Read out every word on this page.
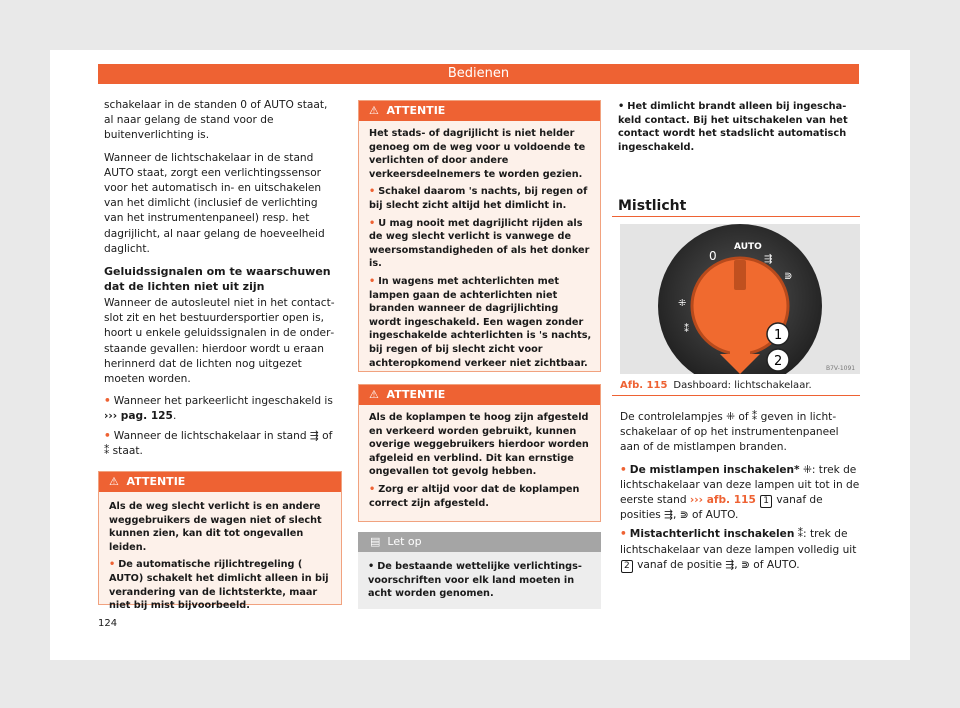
Bedienen

schakelaar in de standen 0 of AUTO staat, al naar gelang de stand voor de buitenverlichting is.

Wanneer de lichtschakelaar in de stand AUTO staat, zorgt een verlichtingssensor voor het automatisch in- en uitschakelen van het dimlicht (inclusief de verlichting van het instrumentenpaneel) resp. het dagrijlicht, al naar gelang de hoeveelheid daglicht.

Geluidssignalen om te waarschuwen dat de lichten niet uit zijn

Wanneer de autosleutel niet in het contactslot zit en het bestuurdersportier open is, hoort u enkele geluidssignalen in de onderstaande gevallen: hierdoor wordt u eraan herinnerd dat de lichten nog uitgezet moeten worden.

• Wanneer het parkeerlicht ingeschakeld is
››› pag. 125.
• Wanneer de lichtschakelaar in stand ⇶ of ⁑ staat.
⚠ ATTENTIE

Als de weg slecht verlicht is en andere weggebruikers de wagen niet of slecht kunnen zien, kan dit tot ongevallen leiden.

• De automatische rijlichtregeling ( AUTO) schakelt het dimlicht alleen in bij verandering van de lichtsterkte, maar niet bij mist bijvoorbeeld.

⚠ ATTENTIE

Het stads- of dagrijlicht is niet helder genoeg om de weg voor u voldoende te verlichten of door andere verkeersdeelnemers te worden gezien.

• Schakel daarom 's nachts, bij regen of bij slecht zicht altijd het dimlicht in.

• U mag nooit met dagrijlicht rijden als de weg slecht verlicht is vanwege de weersomstandigheden of als het donker is.

• In wagens met achterlichten met lampen gaan de achterlichten niet branden wanneer de dagrijlichting wordt ingeschakeld. Een wagen zonder ingeschakelde achterlichten is 's nachts, bij regen of bij slecht zicht voor achteropkomend verkeer niet zichtbaar.

⚠ ATTENTIE

Als de koplampen te hoog zijn afgesteld en verkeerd worden gebruikt, kunnen overige weggebruikers hierdoor worden afgeleid en verblind. Dit kan ernstige ongevallen tot gevolg hebben.

• Zorg er altijd voor dat de koplampen correct zijn afgesteld.

▤ Let op
• De bestaande wettelijke verlichtingsvoorschriften voor elk land moeten in acht worden genomen.
• Het dimlicht brandt alleen bij ingeschakeld contact. Bij het uitschakelen van het contact wordt het stadslicht automatisch ingeschakeld.
Mistlicht
AUTO
0	⇶
⋑
⁜
⁑	1
2	B7V-1091
Afb. 115 Dashboard: lichtschakelaar.

De controlelampjes ⁜ of ⁑ geven in lichtschakelaar of op het instrumentenpaneel aan of de mistlampen branden.

• De mistlampen inschakelen* ⁜: trek de lichtschakelaar van deze lampen uit tot in de eerste stand ››› afb. 115 1 vanaf de posities ⇶, ⋑ of AUTO.
• Mistachterlicht inschakelen ⁑: trek de lichtschakelaar van deze lampen volledig uit 2 vanaf de positie ⇶, ⋑ of AUTO.
124
